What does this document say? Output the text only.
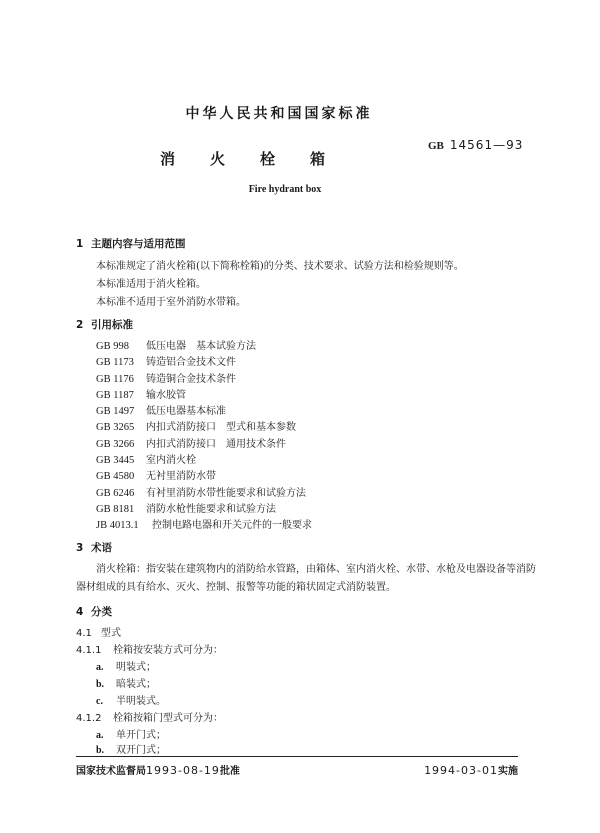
中华人民共和国国家标准
消 火 栓 箱
GB 14561—93
Fire hydrant box
1 主题内容与适用范围
本标准规定了消火栓箱(以下简称栓箱)的分类、技术要求、试验方法和检验规则等。
本标准适用于消火栓箱。
本标准不适用于室外消防水带箱。
2 引用标准
GB 998 低压电器　基本试验方法
GB 1173 铸造铝合金技术文件
GB 1176 铸造铜合金技术条件
GB 1187 输水胶管
GB 1497 低压电器基本标准
GB 3265 内扣式消防接口　型式和基本参数
GB 3266 内扣式消防接口　通用技术条件
GB 3445 室内消火栓
GB 4580 无衬里消防水带
GB 6246 有衬里消防水带性能要求和试验方法
GB 8181 消防水枪性能要求和试验方法
JB 4013.1 控制电路电器和开关元件的一般要求
3 术语
消火栓箱：指安装在建筑物内的消防给水管路，由箱体、室内消火栓、水带、水枪及电器设备等消防
器材组成的具有给水、灭火、控制、报警等功能的箱状固定式消防装置。
4 分类
4.1 型式
4.1.1 栓箱按安装方式可分为：
a. 明装式；
b. 暗装式；
c. 半明装式。
4.1.2 栓箱按箱门型式可分为：
a. 单开门式；
b. 双开门式；
国家技术监督局1993-08-19批准	1994-03-01实施
